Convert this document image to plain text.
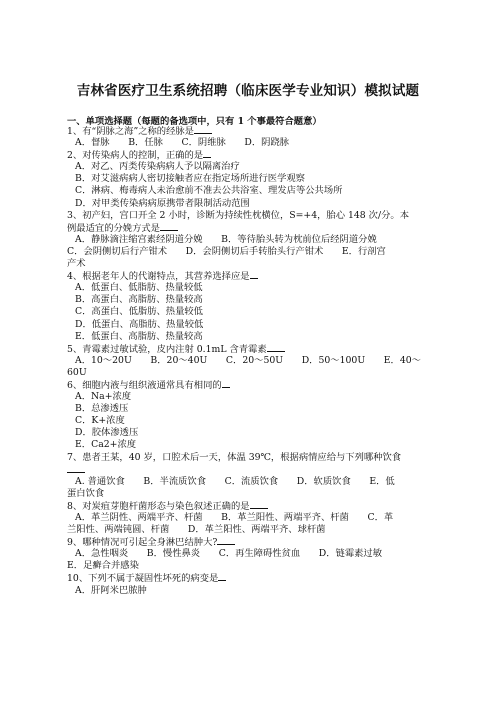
吉林省医疗卫生系统招聘（临床医学专业知识）模拟试题
一、单项选择题（每题的备选项中，只有 1 个事最符合题意）
1、有“阴脉之海”之称的经脉是
A．督脉　　B．任脉　　C．阴维脉　　D．阴跷脉
2、对传染病人的控制，正确的是
A．对乙、丙类传染病病人予以隔离治疗
B．对艾滋病病人密切接触者应在指定场所进行医学观察
C．淋病、梅毒病人未治愈前不准去公共浴室、理发店等公共场所
D．对甲类传染病病原携带者限制活动范围
3、初产妇，宫口开全 2 小时，诊断为持续性枕横位，S=+4，胎心 148 次/分。本
例最适宜的分娩方式是
A．静脉滴注缩宫素经阴道分娩　　B．等待胎头转为枕前位后经阴道分娩
C．会阴侧切后行产钳术　　D．会阴侧切后手转胎头行产钳术　　E．行剖宫
产术
4、根据老年人的代谢特点，其营养选择应是
A．低蛋白、低脂肪、热量较低
B．高蛋白、高脂肪、热量较高
C．高蛋白、低脂肪、热量较低
D．低蛋白、高脂肪、热量较低
E．低蛋白、高脂肪、热量较高
5、青霉素过敏试验，皮内注射 0.1mL 含青霉素
A．10～20U　　B．20～40U　　C．20～50U　　D．50～100U　　E．40～
60U
6、细胞内液与组织液通常具有相同的
A．Na+浓度
B．总渗透压
C．K+浓度
D．胶体渗透压
E．Ca2+浓度
7、患者王某，40 岁，口腔术后一天，体温 39℃，根据病情应给与下列哪种饮食
A. 普通饮食　　B．半流质饮食　　C．流质饮食　　D．软质饮食　　E．低
蛋白饮食
8、对炭疽芽胞杆菌形态与染色叙述正确的是
A．革兰阴性、两端平齐、杆菌　　B．革兰阳性、两端平齐、杆菌　　C．革
兰阳性、两端钝圆、杆菌　　D．革兰阳性、两端平齐、球杆菌
9、哪种情况可引起全身淋巴结肿大?
A．急性咽炎　　B．慢性鼻炎　　C．再生障碍性贫血　　D．链霉素过敏
E．足癣合并感染
10、下列不属于凝固性坏死的病变是
A．肝阿米巴脓肿
